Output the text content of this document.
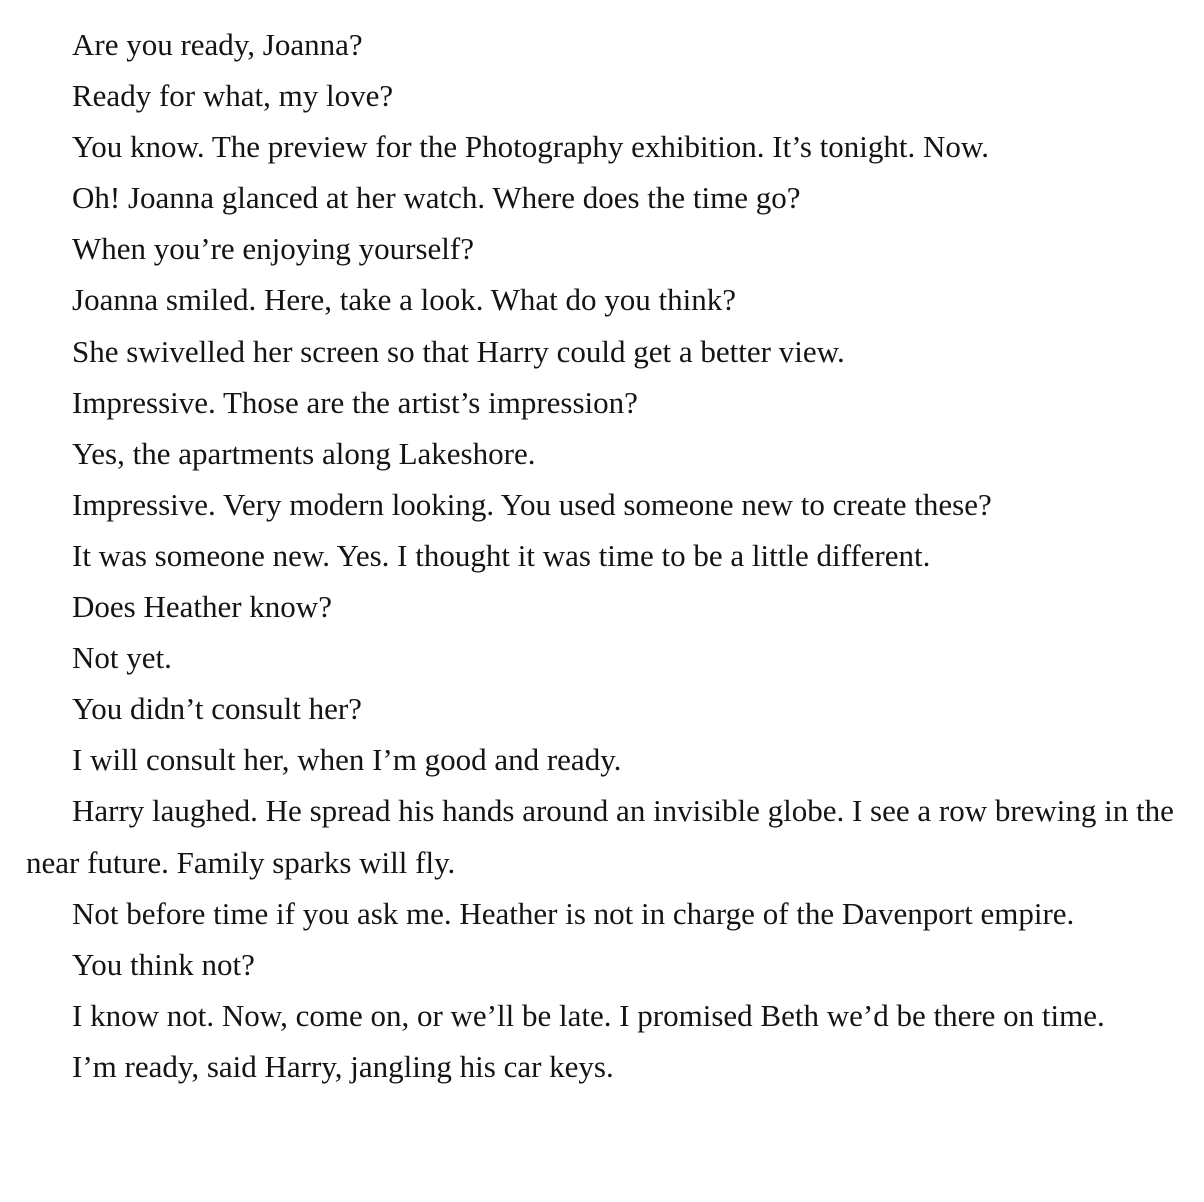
Are you ready, Joanna?

Ready for what, my love?

You know. The preview for the Photography exhibition. It’s tonight. Now.

Oh! Joanna glanced at her watch. Where does the time go?

When you’re enjoying yourself?

Joanna smiled. Here, take a look. What do you think?

She swivelled her screen so that Harry could get a better view.

Impressive. Those are the artist’s impression?

Yes, the apartments along Lakeshore.

Impressive. Very modern looking. You used someone new to create these?

It was someone new. Yes. I thought it was time to be a little different.

Does Heather know?

Not yet.

You didn’t consult her?

I will consult her, when I’m good and ready.

Harry laughed. He spread his hands around an invisible globe. I see a row brewing in the near future. Family sparks will fly.

Not before time if you ask me. Heather is not in charge of the Davenport empire.

You think not?

I know not. Now, come on, or we’ll be late. I promised Beth we’d be there on time.

I’m ready, said Harry, jangling his car keys.
